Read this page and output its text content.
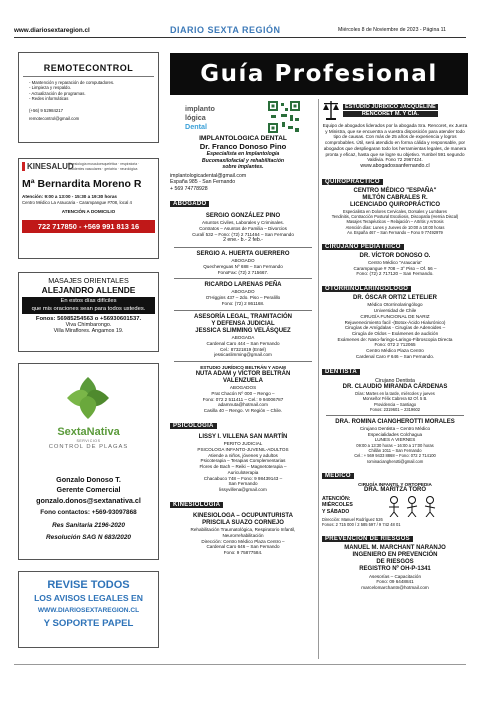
www.diariosextaregion.cl	DIARIO SEXTA REGIÓN	Miércoles 8 de Noviembre de 2023 - Página 11
REMOTECONTROL
- Mantención y reparación de computadores.
- Limpieza y respaldo.
- Actualización de programas.
- Redes informáticas
(+56) 9 52984217
remotecontrol@gmail.com
KINESALUD
Kinesiología musculoesquelética · respiratoria · accidentes vasculares · geriatría · neurológica
Mª Bernardita Moreno R
Atención: 9:00 a 13:00 - 15:30 a 19:30 horas
Centro Médico La Araucaria - Carampangue #708, local 4
ATENCIÓN A DOMICILIO
722 717850 - +569 991 813 16
MASAJES ORIENTALES
ALEJANDRO ALLENDE
En estos días difíciles
que mis oraciones sean para todos ustedes.
Fonos: 56985254563 o +56930601537.
Viva Chimbarongo.
Villa Miraflores. Angamos 19.
SextaNativa
SERVICIOS
CONTROL DE PLAGAS
Gonzalo Donoso T.
Gerente Comercial
gonzalo.donos@sextanativa.cl
Fono contactos: +569-93097868
Res Sanitaria 2196-2020
Resolución SAG N 683/2020
REVISE TODOS
LOS AVISOS LEGALES EN
WWW.DIARIOSEXTAREGION.CL
Y SOPORTE PAPEL
Guía Profesional
implanto
lógica
Dental
IMPLANTOLOGICA DENTAL
Dr. Franco Donoso Pino
Especialista en Implantología
Bucomaxilofacial y rehabilitación
sobre implantes.
implantologicadental@gmail.com
España 985 - San Fernando
+ 569 74778928
ABOGADO
SERGIO GONZÁLEZ PINO
Asuntos Civiles, Laborales y Criminales.
Contratos – Asuntos de Familia – Divorcios
Curalí 532 – Fono: (72) 2 711464 – San Fernando
2 ene.- b.- 2 feb.-
SERGIO A. HUERTA GUERRERO
ABOGADO
Quechereguas Nº 688 – San Fernando
FonoFax: (72) 2 715667.
RICARDO LARENAS PEÑA
ABOGADO
O'Higgins 437 – 2do. Piso – Peralillo
Fono: (72) 2 861168.
ASESORÍA LEGAL, TRAMITACIÓN
Y DEFENSA JUDICIAL
JESSICA SLIMMING VELÁSQUEZ
ABOGADA
Cardenal Caro 444 – San Fernando
Cel.: 87321819 (Entel)
jessicaslimming@gmail.com
ESTUDIO JURÍDICO BELTRÁN Y ADAM
NUTA ADAM y VÍCTOR BELTRÁN
VALENZUELA
ABOGADOS
Prat Chacón Nº 000 – Rengo –
Fono: 072 2 511411 – Cel.: 9 94006787
adamnuta@hotmail.com
Casilla 40 – Rengo. VI Región – Chile.
PSICOLOGÍA
LISSY I. VILLENA SAN MARTÍN
PERITO JUDICIAL
PSICOLOGA INFANTO-JUVENIL-ADULTOS
Atiende a niños, jóvenes y adultos
Psicoterapia – Terapias Complementarias
Flores de Bach – Reiki – Magnetoterapia –
Auriculoterapia
Chacabuco 748 – Fono: 9 98439143 –
San Fernando
lissyvillena@gmail.com
KINESIOLOGIA
KINESIOLOGA – OCUPUNTURISTA
PRISCILA SUAZO CORNEJO
Rehabilitación Traumatológica, Respiratorio Infantil,
Neurorrehabilitación
Dirección: Centro Médico Plaza Centro –
Cardenal Caro 646 – San Fernando
Fono: 9 75877584.
ESTUDIO JURÍDICO JACQUELINE
RENCORET M. Y CÍA.
Equipo de abogados liderados por la abogada Sra. Rencoret, ex Jueza y Ministra, que se encuentra a vuestra disposición para atender todo tipo de causas. Con más de 25 años de experiencia y logros comprobables. Útil, será atendido en forma cálida y responsable, por abogados que despliegaran todo los herramientas legales, de manera pronta y eficaz, hasta que se logre su objetivo. Yumbel 591 segundo Valdivia. Fono 72 2967424.
www.abogadossanfernando.cl
QUIROPRÁCTICO
CENTRO MÉDICO "ESPAÑA"
MILTÓN CABRALES R.
LICENCIADO QUIROPRÁCTICO
Especialista en Dolores Cervicales, Dorsales y Lumbares
Tendinitis, Contracción Postural Escoliosis, Discopatía (Hernia Discal)
Masajes Terapéuticos – Relajación – Artritis y Artrosis
Atención días: Lunes y Jueves de 10:00 a 18:00 horas
Av. España 467 – San Fernando – Fono 9 77492979
CIRUJANO PEDIÁTRICO
DR. VÍCTOR DONOSO O.
Centro Médico "Araucaria"
Carampangue # 708 – 3° Piso – Of. 56 –
Fono: (72) 2 717120 – San Fernando.
OTORRINOLARINGÓLOGO
DR. ÓSCAR ORTIZ LETELIER
Médico Otorrinolaringólogo
Universidad de Chile
CIRUGÍA FUNCIONAL DE NARIZ
Rejuvenecimiento facil -(Botox-Ácido Hialurónico)
Cirugías de Amígdalas - Cirugías de Adenoides –
Cirugía de Oídos – Exámenes de audición
Exámenes de: Naso-faringo-Laringo-Fibroscopia Directa
Fono: 072 2 712065
Centro Médico Plaza Centro
Cardenal Caro # 646 – San Fernando.
DENTISTA
Cirujano Dentista
DR. CLAUDIO MIRANDA CÁRDENAS
Días: Martes en la tarde, miércoles y jueves
Monseñor Félix Cabrera 62 Of. 5 B.
Providencia – Santiago
Fonos: 2319601 – 2319602
DRA. ROMINA CIANGHEROTTI MORALES
Cirujano Dentista – Centro Médico
Especialidades Colchagua
LUNES A VIERNES
09:00 a 13:30 horas – 16:00 a 17:00 horas
Chillán 1011 – San Fernando
Cel.: + 569 9433 8868 – Fono: 072 2 714100
rominaciangherotti@gmail.com
MÉDICO
CIRUGÍA INFANTIL Y ORTOPEDIA
DRA. MARITZA TORO
ATENCIÓN:
MIÉRCOLES
Y SÁBADO
Dirección: Manuel Rodríguez 526
Fonos: 2 715 000 / 2 585 597 / 9 742 48 01
PREVENCIÓN DE RIESGOS
MANUEL M. MARCHANT NARANJO
INGENIERO EN PREVENCIÓN
DE RIESGOS
REGISTRO Nº OH-P-1341
Asesorías – Capacitación
Fono: 09 6448841
marcelomarchantn@hotmail.com
